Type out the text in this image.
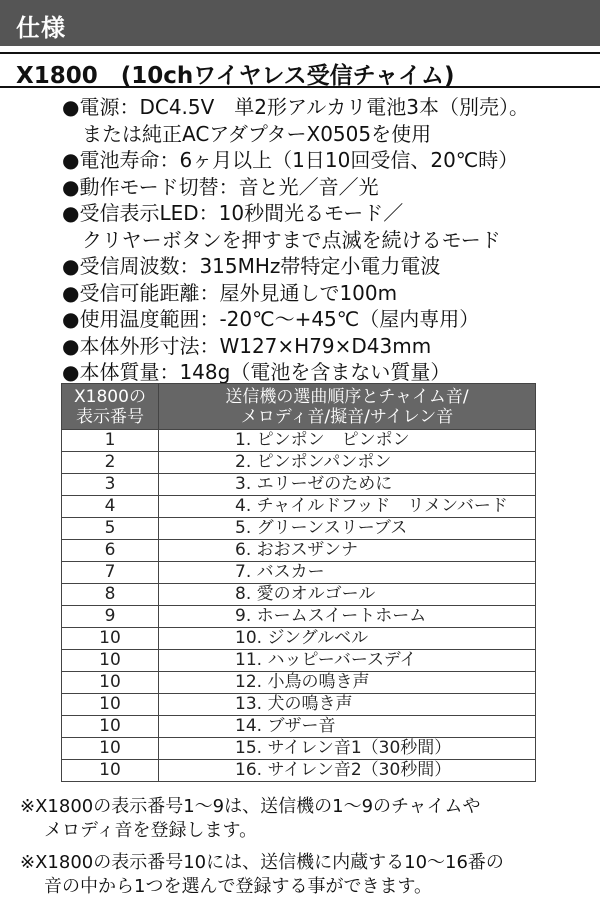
仕様
X1800　(10chワイヤレス受信チャイム)
●電源：DC4.5V　単2形アルカリ電池3本（別売）。
または純正ACアダプターX0505を使用
●電池寿命：6ヶ月以上（1日10回受信、20℃時）
●動作モード切替：音と光／音／光
●受信表示LED：10秒間光るモード／
クリヤーボタンを押すまで点滅を続けるモード
●受信周波数：315MHz帯特定小電力電波
●受信可能距離：屋外見通しで100m
●使用温度範囲：-20℃〜+45℃（屋内専用）
●本体外形寸法：W127×H79×D43mm
●本体質量：148g（電池を含まない質量）
X1800の
表示番号	送信機の選曲順序とチャイム音/
メロディ音/擬音/サイレン音
1	1. ピンポン　ピンポン
2	2. ピンポンパンポン
3	3. エリーゼのために
4	4. チャイルドフッド　リメンバード
5	5. グリーンスリーブス
6	6. おおスザンナ
7	7. バスカー
8	8. 愛のオルゴール
9	9. ホームスイートホーム
10	10. ジングルベル
10	11. ハッピーバースデイ
10	12. 小鳥の鳴き声
10	13. 犬の鳴き声
10	14. ブザー音
10	15. サイレン音1（30秒間）
10	16. サイレン音2（30秒間）
※X1800の表示番号1〜9は、送信機の1〜9のチャイムや
メロディ音を登録します。
※X1800の表示番号10には、送信機に内蔵する10〜16番の
音の中から1つを選んで登録する事ができます。
